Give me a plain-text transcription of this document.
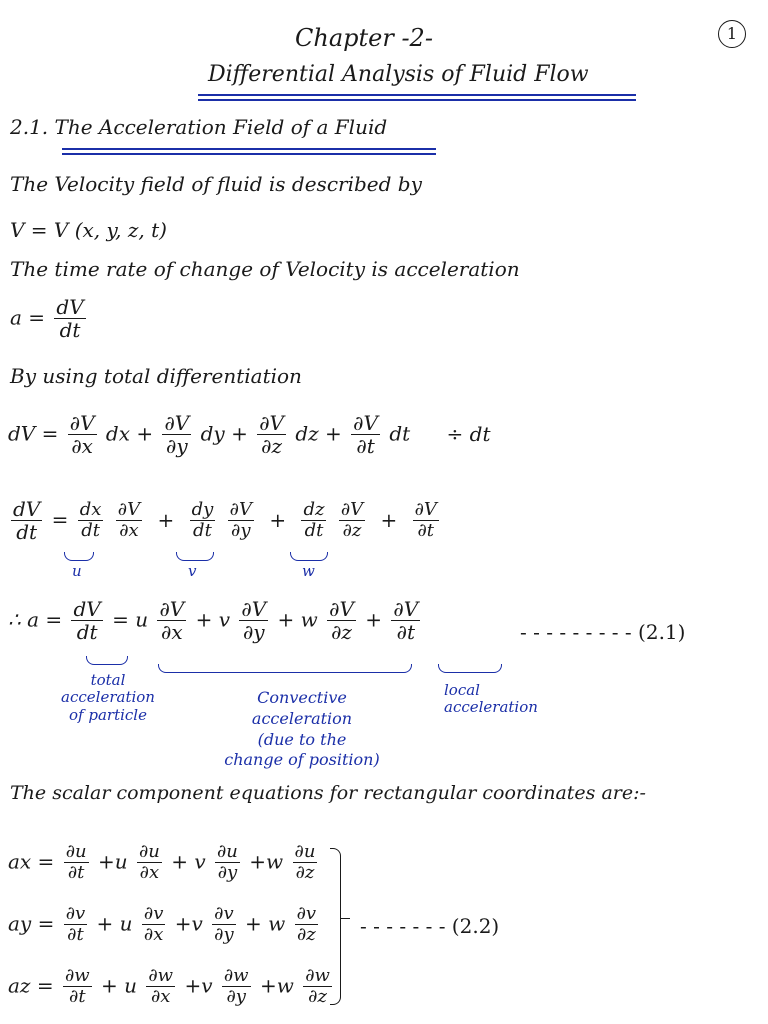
1
Chapter -2-
Differential Analysis of Fluid Flow
2.1. The Acceleration Field of a Fluid
The Velocity field of fluid is described by
V = V (x, y, z, t)
The time rate of change of Velocity is acceleration
$a = \frac{dV}{dt}$
By using total differentiation
dV = $\frac{\partial V}{\partial x}$ dx + $\frac{\partial V}{\partial y}$ dy + $\frac{\partial V}{\partial z}$ dz + $\frac{\partial V}{\partial t}$ dt ÷ dt
$\frac{dV}{dt} = \frac{dx}{dt}$
$\frac{\partial V}{\partial x} + \frac{dy}{dt}$
$\frac{\partial V}{\partial y} + \frac{dz}{dt}$
$\frac{\partial V}{\partial z} + \frac{\partial V}{\partial t}$
u	v	w
∴ $a = \frac{dV}{dt} = u \frac{\partial V}{\partial x} + v \frac{\partial V}{\partial y} + w \frac{\partial V}{\partial z} + \frac{\partial V}{\partial t}$	- - - - - - - - - (2.1)
total
acceleration
of particle
Convective
acceleration
(due to the
change of position)
local
acceleration
The scalar component equations for rectangular coordinates are:-
ax = $\frac{\partial u}{\partial t} +u \frac{\partial u}{\partial x} + v \frac{\partial u}{\partial y} +w \frac{\partial u}{\partial z}$
ay = $\frac{\partial v}{\partial t} + u \frac{\partial v}{\partial x} +v \frac{\partial v}{\partial y} + w \frac{\partial v}{\partial z}$
az = $\frac{\partial w}{\partial t} + u \frac{\partial w}{\partial x} +v \frac{\partial w}{\partial y} +w \frac{\partial w}{\partial z}$
- - - - - - - (2.2)
